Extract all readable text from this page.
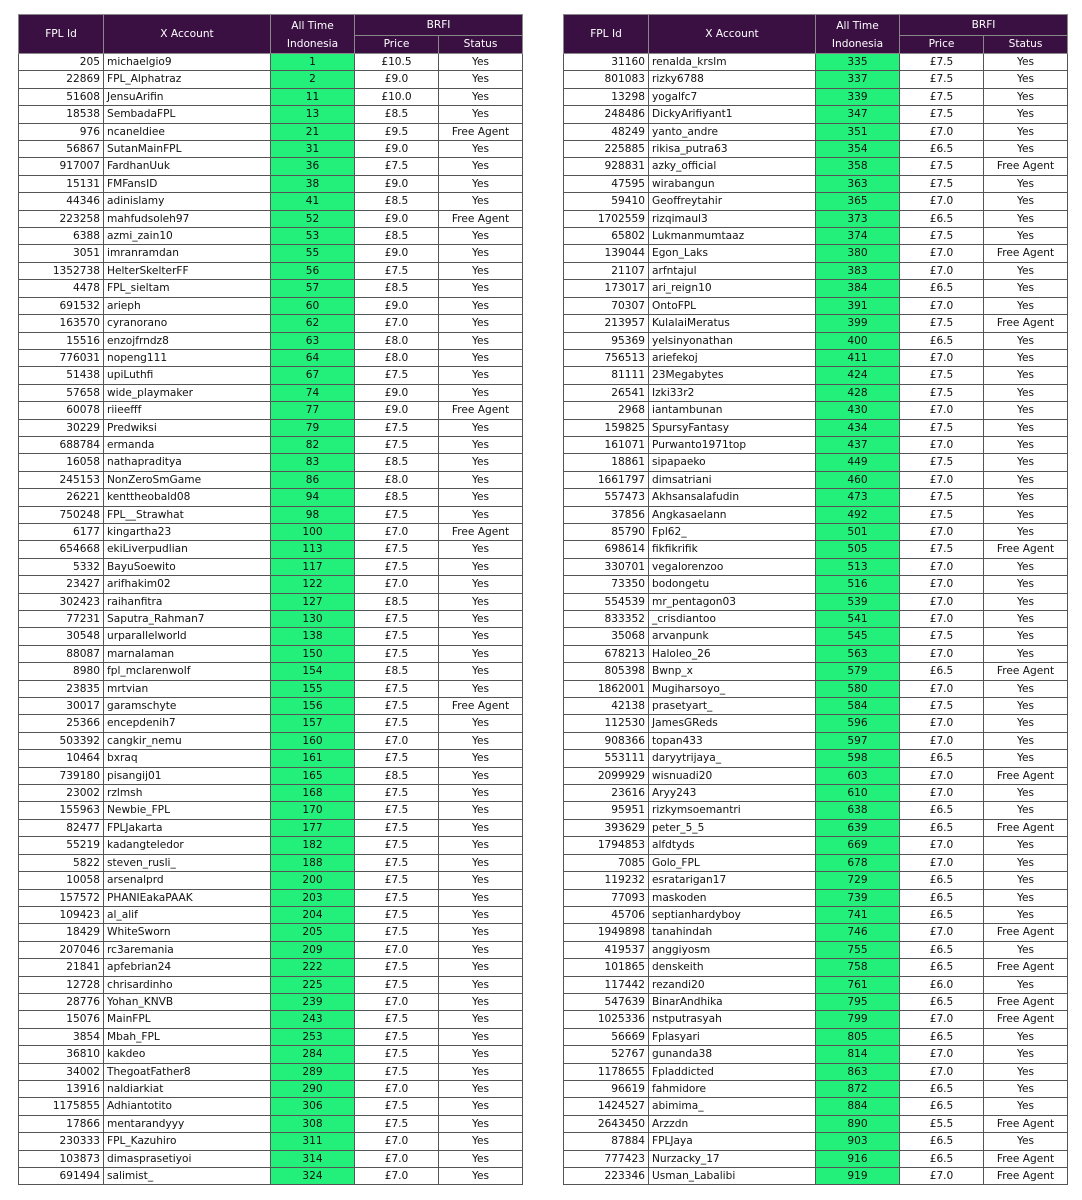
FPL Id	X Account	All Time
Indonesia	BRFI	
			Price	Status
205	michaelgio9	1	£10.5	Yes
22869	FPL_Alphatraz	2	£9.0	Yes
51608	JensuArifin	11	£10.0	Yes
18538	SembadaFPL	13	£8.5	Yes
976	ncaneldiee	21	£9.5	Free Agent
56867	SutanMainFPL	31	£9.0	Yes
917007	FardhanUuk	36	£7.5	Yes
15131	FMFansID	38	£9.0	Yes
44346	adinislamy	41	£8.5	Yes
223258	mahfudsoleh97	52	£9.0	Free Agent
6388	azmi_zain10	53	£8.5	Yes
3051	imranramdan	55	£9.0	Yes
1352738	HelterSkelterFF	56	£7.5	Yes
4478	FPL_sieltam	57	£8.5	Yes
691532	arieph	60	£9.0	Yes
163570	cyranorano	62	£7.0	Yes
15516	enzojfrndz8	63	£8.0	Yes
776031	nopeng111	64	£8.0	Yes
51438	upiLuthfi	67	£7.5	Yes
57658	wide_playmaker	74	£9.0	Yes
60078	riieefff	77	£9.0	Free Agent
30229	Predwiksi	79	£7.5	Yes
688784	ermanda	82	£7.5	Yes
16058	nathapraditya	83	£8.5	Yes
245153	NonZeroSmGame	86	£8.0	Yes
26221	kenttheobald08	94	£8.5	Yes
750248	FPL__Strawhat	98	£7.5	Yes
6177	kingartha23	100	£7.0	Free Agent
654668	ekiLiverpudlian	113	£7.5	Yes
5332	BayuSoewito	117	£7.5	Yes
23427	arifhakim02	122	£7.0	Yes
302423	raihanfitra	127	£8.5	Yes
77231	Saputra_Rahman7	130	£7.5	Yes
30548	urparallelworld	138	£7.5	Yes
88087	marnalaman	150	£7.5	Yes
8980	fpl_mclarenwolf	154	£8.5	Yes
23835	mrtvian	155	£7.5	Yes
30017	garamschyte	156	£7.5	Free Agent
25366	encepdenih7	157	£7.5	Yes
503392	cangkir_nemu	160	£7.0	Yes
10464	bxraq	161	£7.5	Yes
739180	pisangij01	165	£8.5	Yes
23002	rzlmsh	168	£7.5	Yes
155963	Newbie_FPL	170	£7.5	Yes
82477	FPLJakarta	177	£7.5	Yes
55219	kadangteledor	182	£7.5	Yes
5822	steven_rusli_	188	£7.5	Yes
10058	arsenalprd	200	£7.5	Yes
157572	PHANIEakaPAAK	203	£7.5	Yes
109423	al_alif	204	£7.5	Yes
18429	WhiteSworn	205	£7.5	Yes
207046	rc3aremania	209	£7.0	Yes
21841	apfebrian24	222	£7.5	Yes
12728	chrisardinho	225	£7.5	Yes
28776	Yohan_KNVB	239	£7.0	Yes
15076	MainFPL	243	£7.5	Yes
3854	Mbah_FPL	253	£7.5	Yes
36810	kakdeo	284	£7.5	Yes
34002	ThegoatFather8	289	£7.5	Yes
13916	naldiarkiat	290	£7.0	Yes
1175855	Adhiantotito	306	£7.5	Yes
17866	mentarandyyy	308	£7.5	Yes
230333	FPL_Kazuhiro	311	£7.0	Yes
103873	dimasprasetiyoi	314	£7.0	Yes
691494	salimist_	324	£7.0	Yes
FPL Id	X Account	All Time
Indonesia	BRFI	
			Price	Status
31160	renalda_krslm	335	£7.5	Yes
801083	rizky6788	337	£7.5	Yes
13298	yogalfc7	339	£7.5	Yes
248486	DickyArifiyant1	347	£7.5	Yes
48249	yanto_andre	351	£7.0	Yes
225885	rikisa_putra63	354	£6.5	Yes
928831	azky_official	358	£7.5	Free Agent
47595	wirabangun	363	£7.5	Yes
59410	Geoffreytahir	365	£7.0	Yes
1702559	rizqimaul3	373	£6.5	Yes
65802	Lukmanmumtaaz	374	£7.5	Yes
139044	Egon_Laks	380	£7.0	Free Agent
21107	arfntajul	383	£7.0	Yes
173017	ari_reign10	384	£6.5	Yes
70307	OntoFPL	391	£7.0	Yes
213957	KulalaiMeratus	399	£7.5	Free Agent
95369	yelsinyonathan	400	£6.5	Yes
756513	ariefekoj	411	£7.0	Yes
81111	23Megabytes	424	£7.5	Yes
26541	Izki33r2	428	£7.5	Yes
2968	iantambunan	430	£7.0	Yes
159825	SpursyFantasy	434	£7.5	Yes
161071	Purwanto1971top	437	£7.0	Yes
18861	sipapaeko	449	£7.5	Yes
1661797	dimsatriani	460	£7.0	Yes
557473	Akhsansalafudin	473	£7.5	Yes
37856	Angkasaelann	492	£7.5	Yes
85790	Fpl62_	501	£7.0	Yes
698614	fikfikrifik	505	£7.5	Free Agent
330701	vegalorenzoo	513	£7.0	Yes
73350	bodongetu	516	£7.0	Yes
554539	mr_pentagon03	539	£7.0	Yes
833352	_crisdiantoo	541	£7.0	Yes
35068	arvanpunk	545	£7.5	Yes
678213	Haloleo_26	563	£7.0	Yes
805398	Bwnp_x	579	£6.5	Free Agent
1862001	Mugiharsoyo_	580	£7.0	Yes
42138	prasetyart_	584	£7.5	Yes
112530	JamesGReds	596	£7.0	Yes
908366	topan433	597	£7.0	Yes
553111	daryytrijaya_	598	£6.5	Yes
2099929	wisnuadi20	603	£7.0	Free Agent
23616	Aryy243	610	£7.0	Yes
95951	rizkymsoemantri	638	£6.5	Yes
393629	peter_5_5	639	£6.5	Free Agent
1794853	alfdtyds	669	£7.0	Yes
7085	Golo_FPL	678	£7.0	Yes
119232	esratarigan17	729	£6.5	Yes
77093	maskoden	739	£6.5	Yes
45706	septianhardyboy	741	£6.5	Yes
1949898	tanahindah	746	£7.0	Free Agent
419537	anggiyosm	755	£6.5	Yes
101865	denskeith	758	£6.5	Free Agent
117442	rezandi20	761	£6.0	Yes
547639	BinarAndhika	795	£6.5	Free Agent
1025336	nstputrasyah	799	£7.0	Free Agent
56669	Fplasyari	805	£6.5	Yes
52767	gunanda38	814	£7.0	Yes
1178655	Fpladdicted	863	£7.0	Yes
96619	fahmidore	872	£6.5	Yes
1424527	abimima_	884	£6.5	Yes
2643450	Arzzdn	890	£5.5	Free Agent
87884	FPLJaya	903	£6.5	Yes
777423	Nurzacky_17	916	£6.5	Free Agent
223346	Usman_Labalibi	919	£7.0	Free Agent
